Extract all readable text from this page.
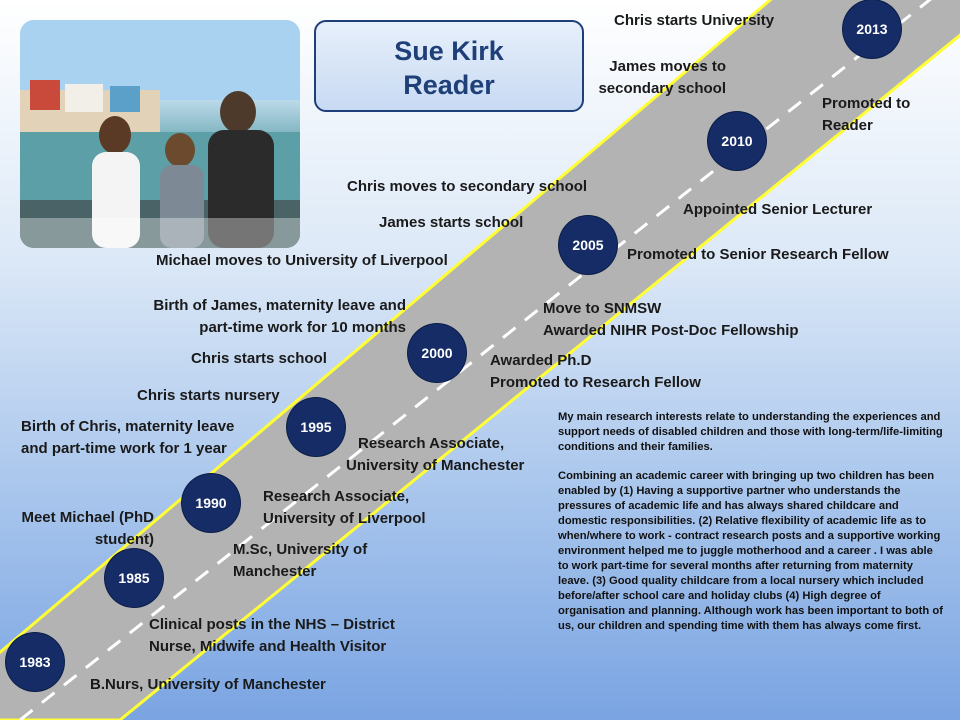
Sue Kirk
Reader
1983
1985
1990
1995
2000
2005
2010
2013
Chris starts University
James moves to
secondary school
Promoted to
Reader
Chris moves to secondary school
Appointed Senior Lecturer
James starts school
Promoted to Senior Research Fellow
Michael moves to University of Liverpool
Birth of James, maternity leave and
part-time work for 10 months
Move to SNMSW
Awarded NIHR Post-Doc Fellowship
Chris starts school	Awarded Ph.D
Promoted to Research Fellow
Chris starts nursery
Birth of Chris, maternity leave
and part-time work for 1 year	Research Associate,
University of Manchester
Research Associate,
University of Liverpool
Meet Michael (PhD
student)
M.Sc, University of
Manchester
Clinical posts in the NHS – District
Nurse, Midwife and Health Visitor
B.Nurs, University of Manchester

My main research interests relate to understanding the experiences and support needs of disabled children and those with long-term/life-limiting conditions and their families.

Combining an academic career with bringing up two children has been enabled by (1) Having a supportive partner who understands the pressures of academic life and has always shared childcare and domestic responsibilities. (2) Relative flexibility of academic life as to when/where to work - contract research posts and a supportive working environment helped me to juggle motherhood and a career . I was able to work part-time for several months after returning from maternity leave. (3) Good quality childcare from a local nursery which included before/after school care and holiday clubs (4) High degree of organisation and planning. Although work has been important to both of us, our children and spending time with them has always come first.
